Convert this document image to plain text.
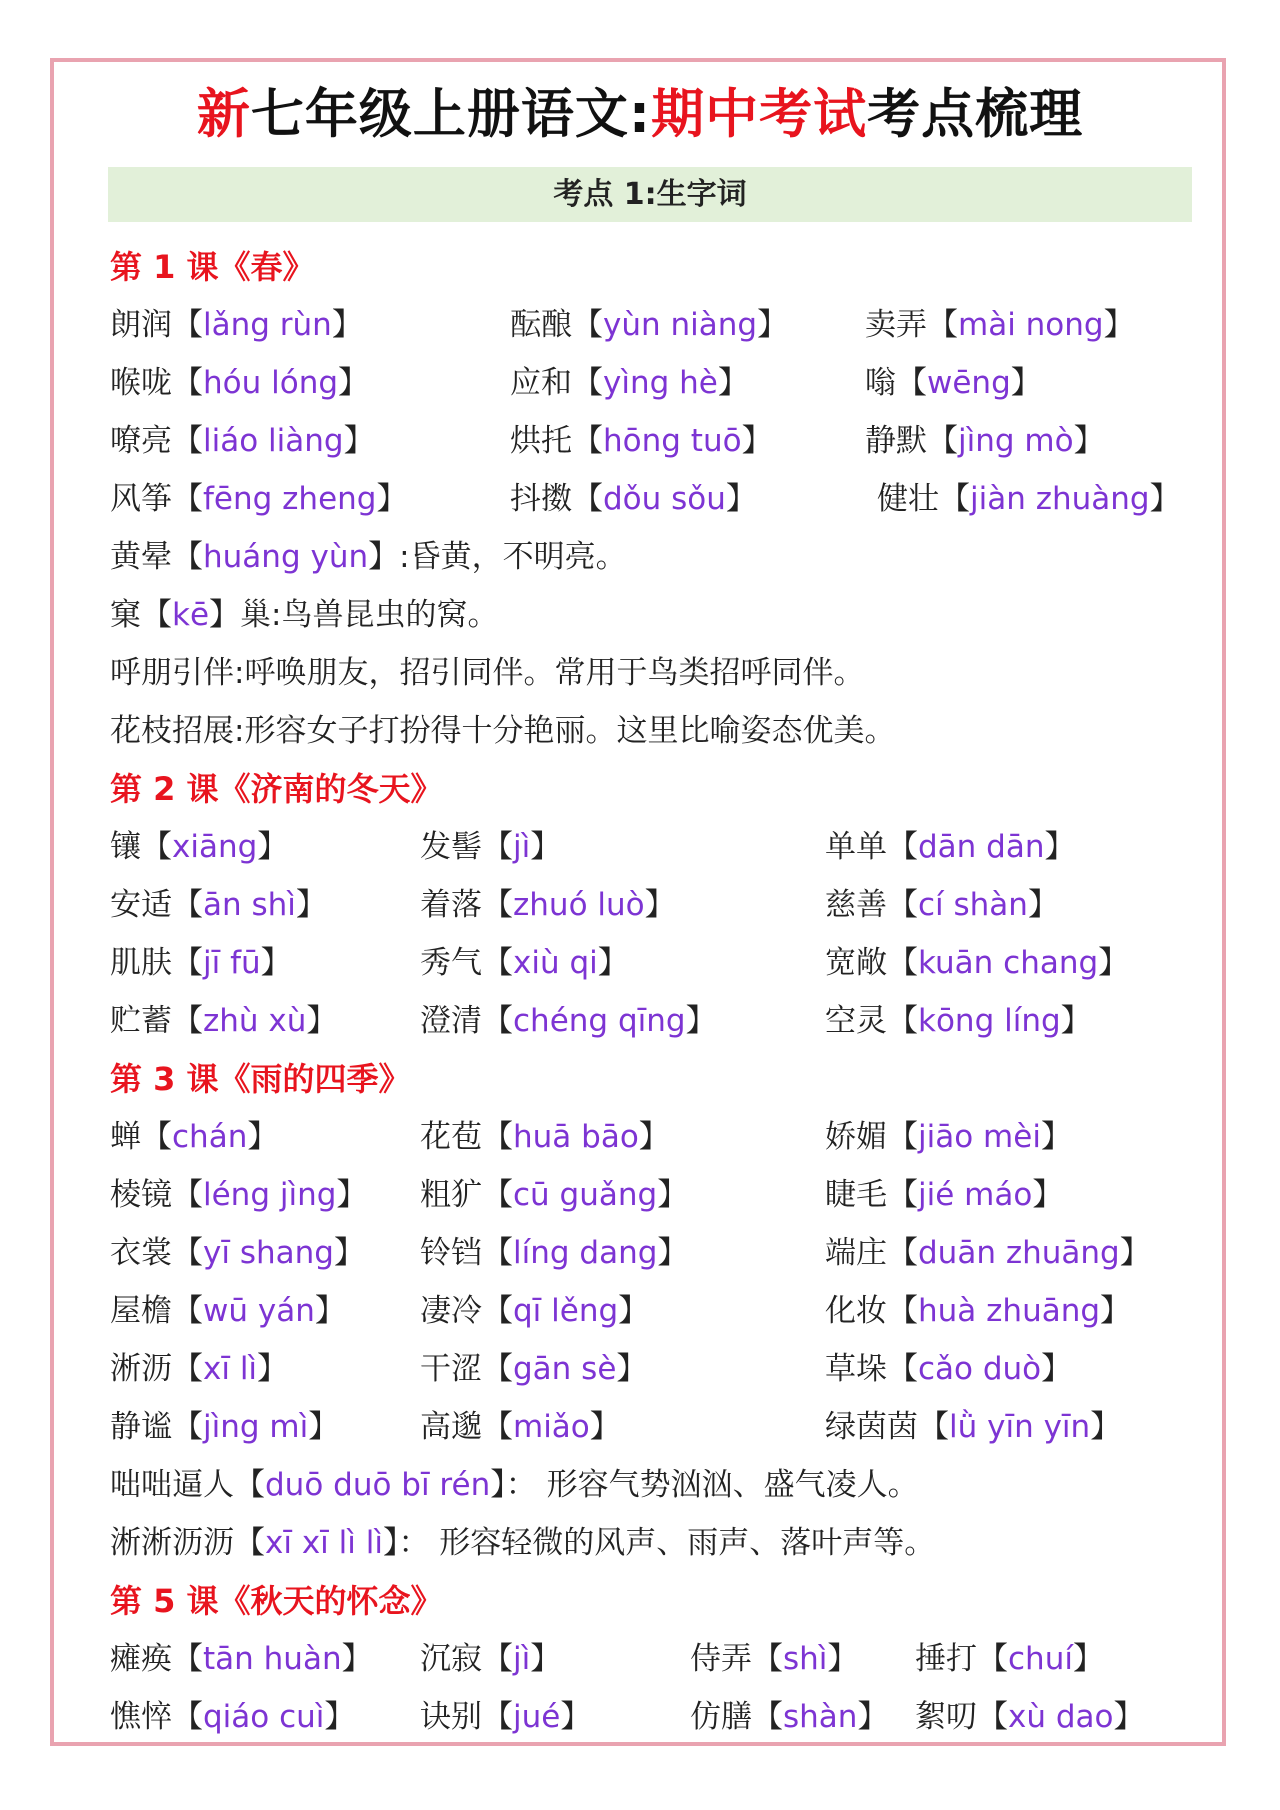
新七年级上册语文:期中考试考点梳理
考点 1:生字词
第 1 课《春》
朗润【lǎng rùn】	酝酿【yùn niàng】 卖弄【mài nong】
喉咙【hóu lóng】	应和【yìng hè】	嗡【wēng】
嘹亮【liáo liàng】	烘托【hōng tuō】	静默【jìng mò】
风筝【fēng zheng】	抖擞【dǒu sǒu】	健壮【jiàn zhuàng】
黄晕【huáng yùn】:昏黄，不明亮。
窠【kē】巢:鸟兽昆虫的窝。
呼朋引伴:呼唤朋友，招引同伴。常用于鸟类招呼同伴。
花枝招展:形容女子打扮得十分艳丽。这里比喻姿态优美。
第 2 课《济南的冬天》
镶【xiāng】	发髻【jì】	单单【dān dān】
安适【ān shì】	着落【zhuó luò】	慈善【cí shàn】
肌肤【jī fū】	秀气【xiù qi】	宽敞【kuān chang】
贮蓄【zhù xù】	澄清【chéng qīng】	空灵【kōng líng】
第 3 课《雨的四季》
蝉【chán】	花苞【huā bāo】	娇媚【jiāo mèi】
棱镜【léng jìng】 粗犷【cū guǎng】	睫毛【jié máo】
衣裳【yī shang】 铃铛【líng dang】	端庄【duān zhuāng】
屋檐【wū yán】 凄冷【qī lěng】	化妆【huà zhuāng】
淅沥【xī lì】	干涩【gān sè】	草垛【cǎo duò】
静谧【jìng mì】	高邈【miǎo】	绿茵茵【lǜ yīn yīn】
咄咄逼人【duō duō bī rén】： 形容气势汹汹、盛气凌人。
淅淅沥沥【xī xī lì lì】： 形容轻微的风声、雨声、落叶声等。
第 5 课《秋天的怀念》
瘫痪【tān huàn】 沉寂【jì】	侍弄【shì】 捶打【chuí】
憔悴【qiáo cuì】 诀别【jué】	仿膳【shàn】 絮叨【xù dao】
